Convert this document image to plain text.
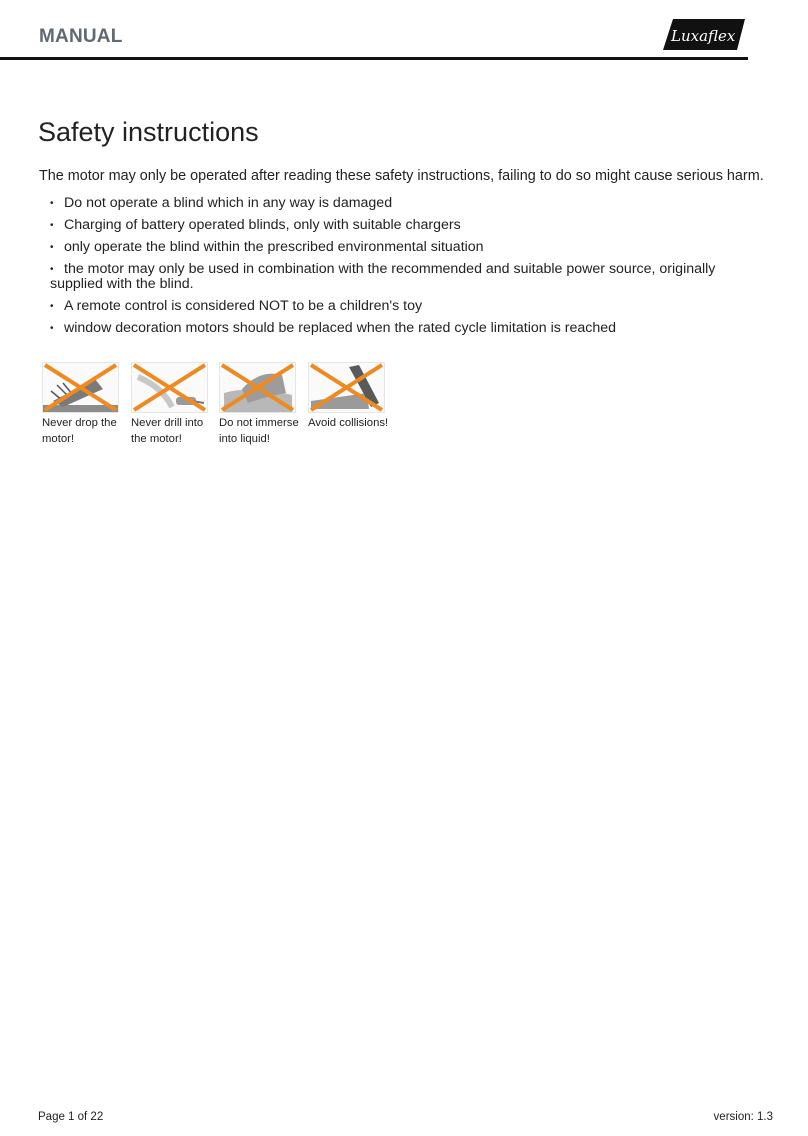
MANUAL	Luxaflex
®
Safety instructions

The motor may only be operated after reading these safety instructions, failing to do so might cause serious harm.

• Do not operate a blind which in any way is damaged
• Charging of battery operated blinds, only with suitable chargers
• only operate the blind within the prescribed environmental situation
• the motor may only be used in combination with the recommended and suitable power source, originally supplied with the blind.
• A remote control is considered NOT to be a children's toy
• window decoration motors should be replaced when the rated cycle limitation is reached
Never drop the motor!
Never drill into the motor!
Do not immerse into liquid!
Avoid collisions!
Page 1 of 22	version: 1.3
